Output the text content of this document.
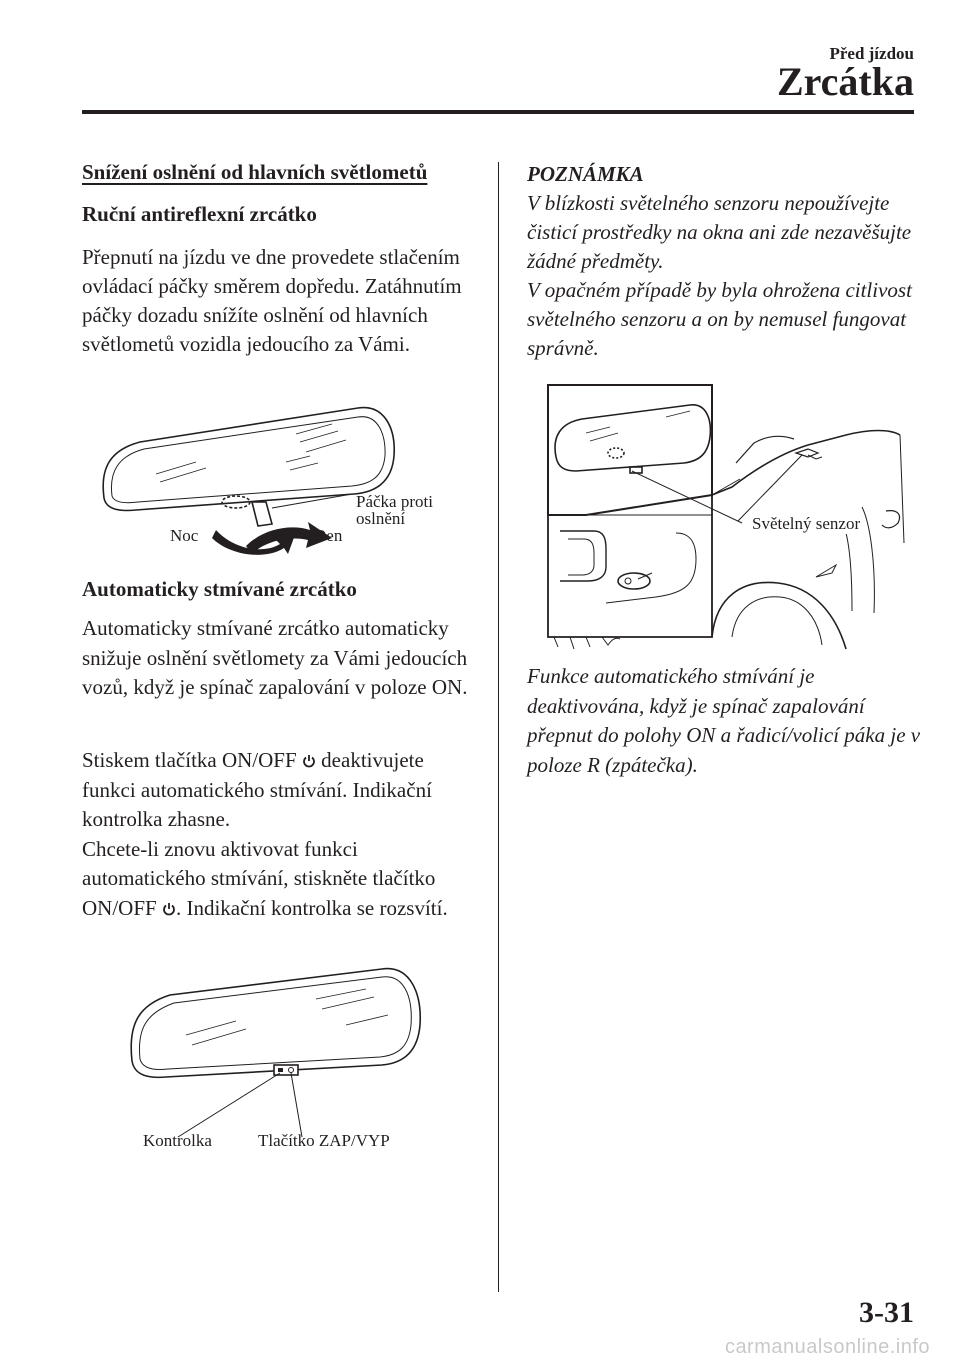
Před jízdou
Zrcátka
Snížení oslnění od hlavních světlometů
Ruční antireflexní zrcátko
Přepnutí na jízdu ve dne provedete stlačením ovládací páčky směrem dopředu. Zatáhnutím páčky dozadu snížíte oslnění od hlavních světlometů vozidla jedoucího za Vámi.
Páčka proti
oslnění
Noc	Den
Automaticky stmívané zrcátko
Automaticky stmívané zrcátko automaticky snižuje oslnění světlomety za Vámi jedoucích vozů, když je spínač zapalování v poloze ON.
Stiskem tlačítka ON/OFF  deaktivujete funkci automatického stmívání. Indikační kontrolka zhasne.
Chcete-li znovu aktivovat funkci automatického stmívání, stiskněte tlačítko ON/OFF . Indikační kontrolka se rozsvítí.
Kontrolka	Tlačítko ZAP/VYP
POZNÁMKA
V blízkosti světelného senzoru nepoužívejte čisticí prostředky na okna ani zde nezavěšujte žádné předměty.
V opačném případě by byla ohrožena citlivost světelného senzoru a on by nemusel fungovat správně.
Světelný senzor
Funkce automatického stmívání je deaktivována, když je spínač zapalování přepnut do polohy ON a řadicí/volicí páka je v poloze R (zpátečka).
3-31
carmanualsonline.info
